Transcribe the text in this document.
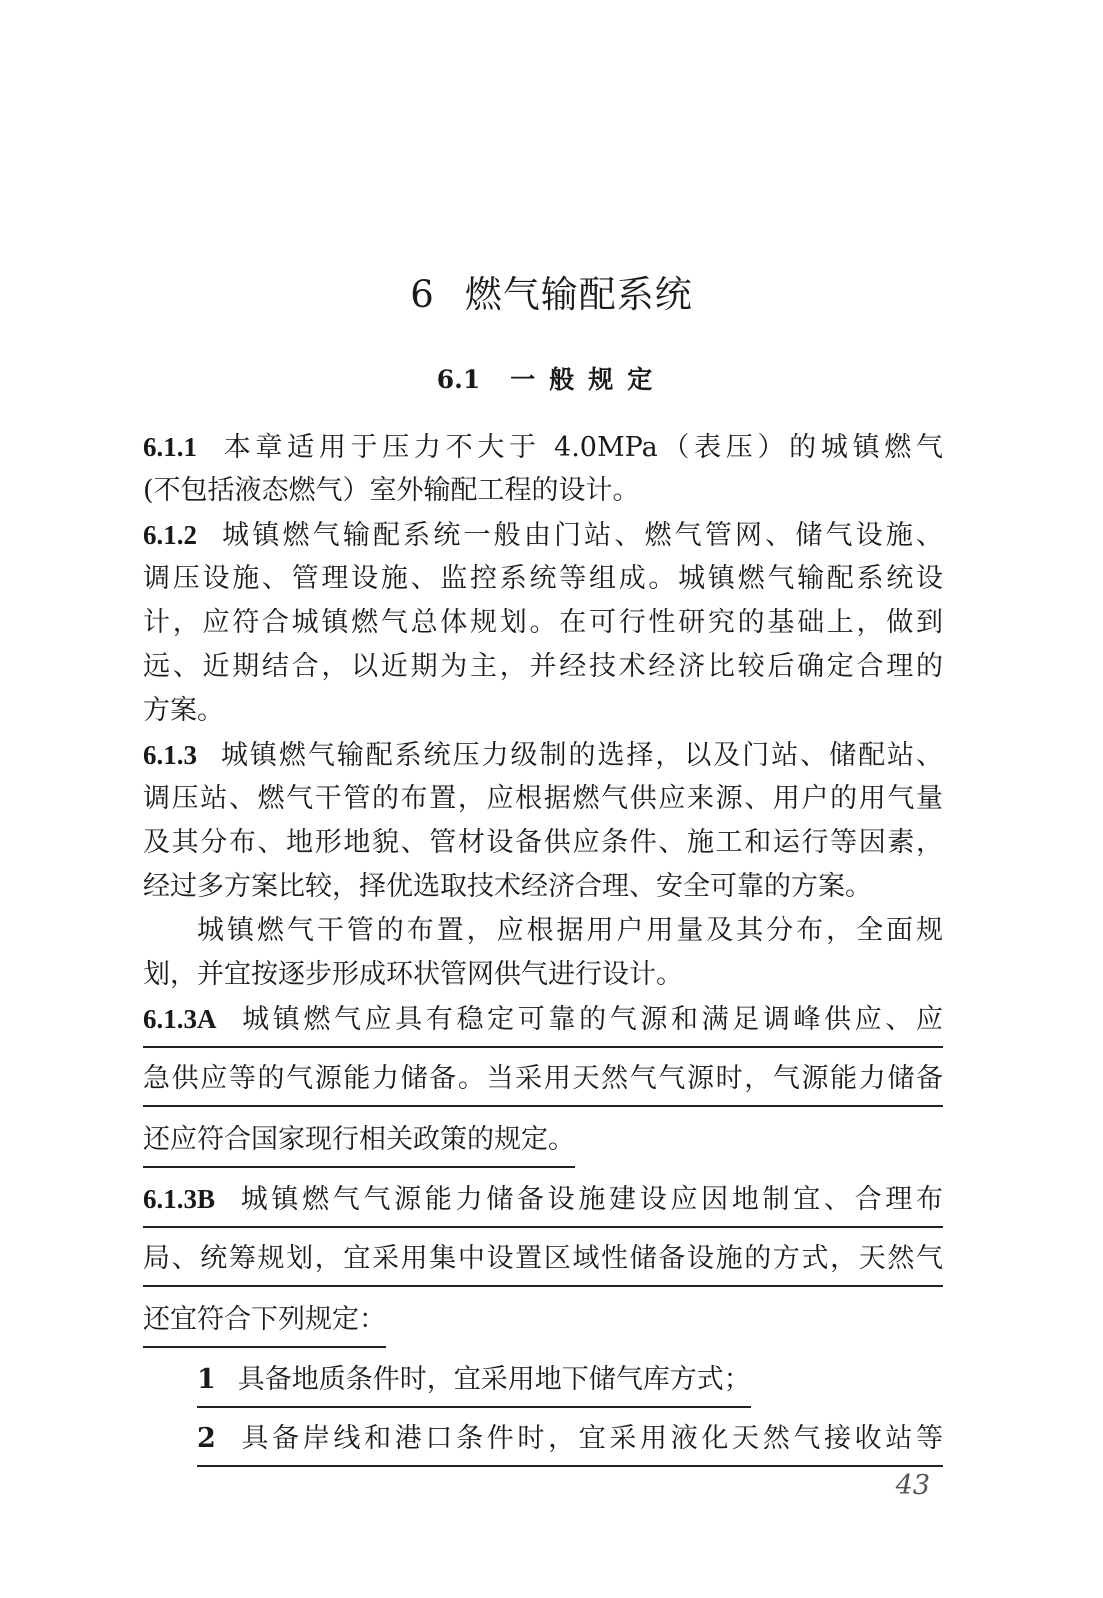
6 燃气输配系统
6.1 一般规定
6.1.1 本章适用于压力不大于 4.0MPa（表压）的城镇燃气
(不包括液态燃气）室外输配工程的设计。
6.1.2 城镇燃气输配系统一般由门站、燃气管网、储气设施、
调压设施、管理设施、监控系统等组成。城镇燃气输配系统设
计，应符合城镇燃气总体规划。在可行性研究的基础上，做到
远、近期结合，以近期为主，并经技术经济比较后确定合理的
方案。
6.1.3 城镇燃气输配系统压力级制的选择，以及门站、储配站、
调压站、燃气干管的布置，应根据燃气供应来源、用户的用气量
及其分布、地形地貌、管材设备供应条件、施工和运行等因素，
经过多方案比较，择优选取技术经济合理、安全可靠的方案。
城镇燃气干管的布置，应根据用户用量及其分布，全面规
划，并宜按逐步形成环状管网供气进行设计。
6.1.3A 城镇燃气应具有稳定可靠的气源和满足调峰供应、应
急供应等的气源能力储备。当采用天然气气源时，气源能力储备
还应符合国家现行相关政策的规定。
6.1.3B 城镇燃气气源能力储备设施建设应因地制宜、合理布
局、统筹规划，宜采用集中设置区域性储备设施的方式，天然气
还宜符合下列规定：
1 具备地质条件时，宜采用地下储气库方式；
2 具备岸线和港口条件时，宜采用液化天然气接收站等
43
